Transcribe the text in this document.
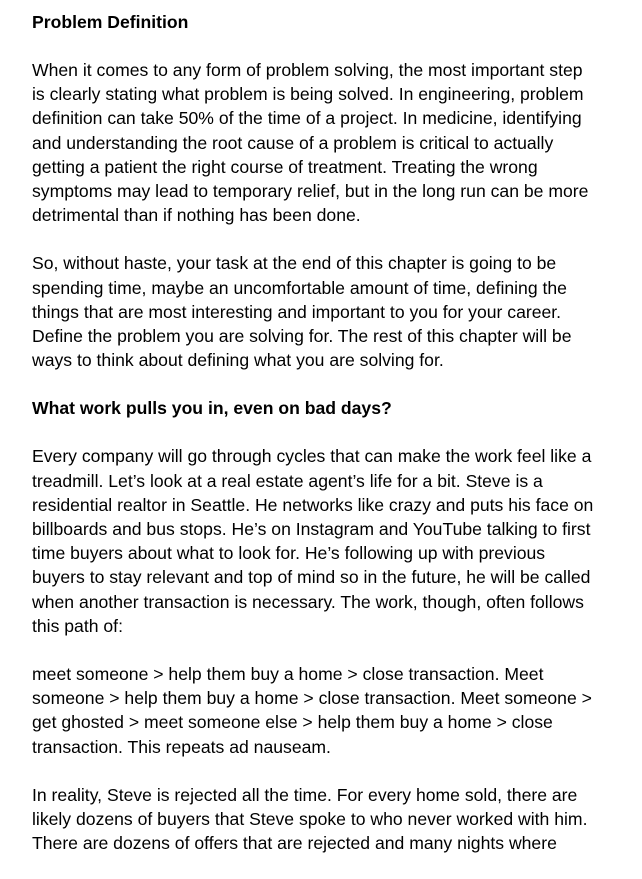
Problem Definition

When it comes to any form of problem solving, the most important step
is clearly stating what problem is being solved. In engineering, problem
definition can take 50% of the time of a project. In medicine, identifying
and understanding the root cause of a problem is critical to actually
getting a patient the right course of treatment. Treating the wrong
symptoms may lead to temporary relief, but in the long run can be more
detrimental than if nothing has been done.

So, without haste, your task at the end of this chapter is going to be
spending time, maybe an uncomfortable amount of time, defining the
things that are most interesting and important to you for your career.
Define the problem you are solving for. The rest of this chapter will be
ways to think about defining what you are solving for.

What work pulls you in, even on bad days?

Every company will go through cycles that can make the work feel like a
treadmill. Let’s look at a real estate agent’s life for a bit. Steve is a
residential realtor in Seattle. He networks like crazy and puts his face on
billboards and bus stops. He’s on Instagram and YouTube talking to first
time buyers about what to look for. He’s following up with previous
buyers to stay relevant and top of mind so in the future, he will be called
when another transaction is necessary. The work, though, often follows
this path of:

meet someone > help them buy a home > close transaction. Meet
someone > help them buy a home > close transaction. Meet someone >
get ghosted > meet someone else > help them buy a home > close
transaction. This repeats ad nauseam.

In reality, Steve is rejected all the time. For every home sold, there are
likely dozens of buyers that Steve spoke to who never worked with him.
There are dozens of offers that are rejected and many nights where
